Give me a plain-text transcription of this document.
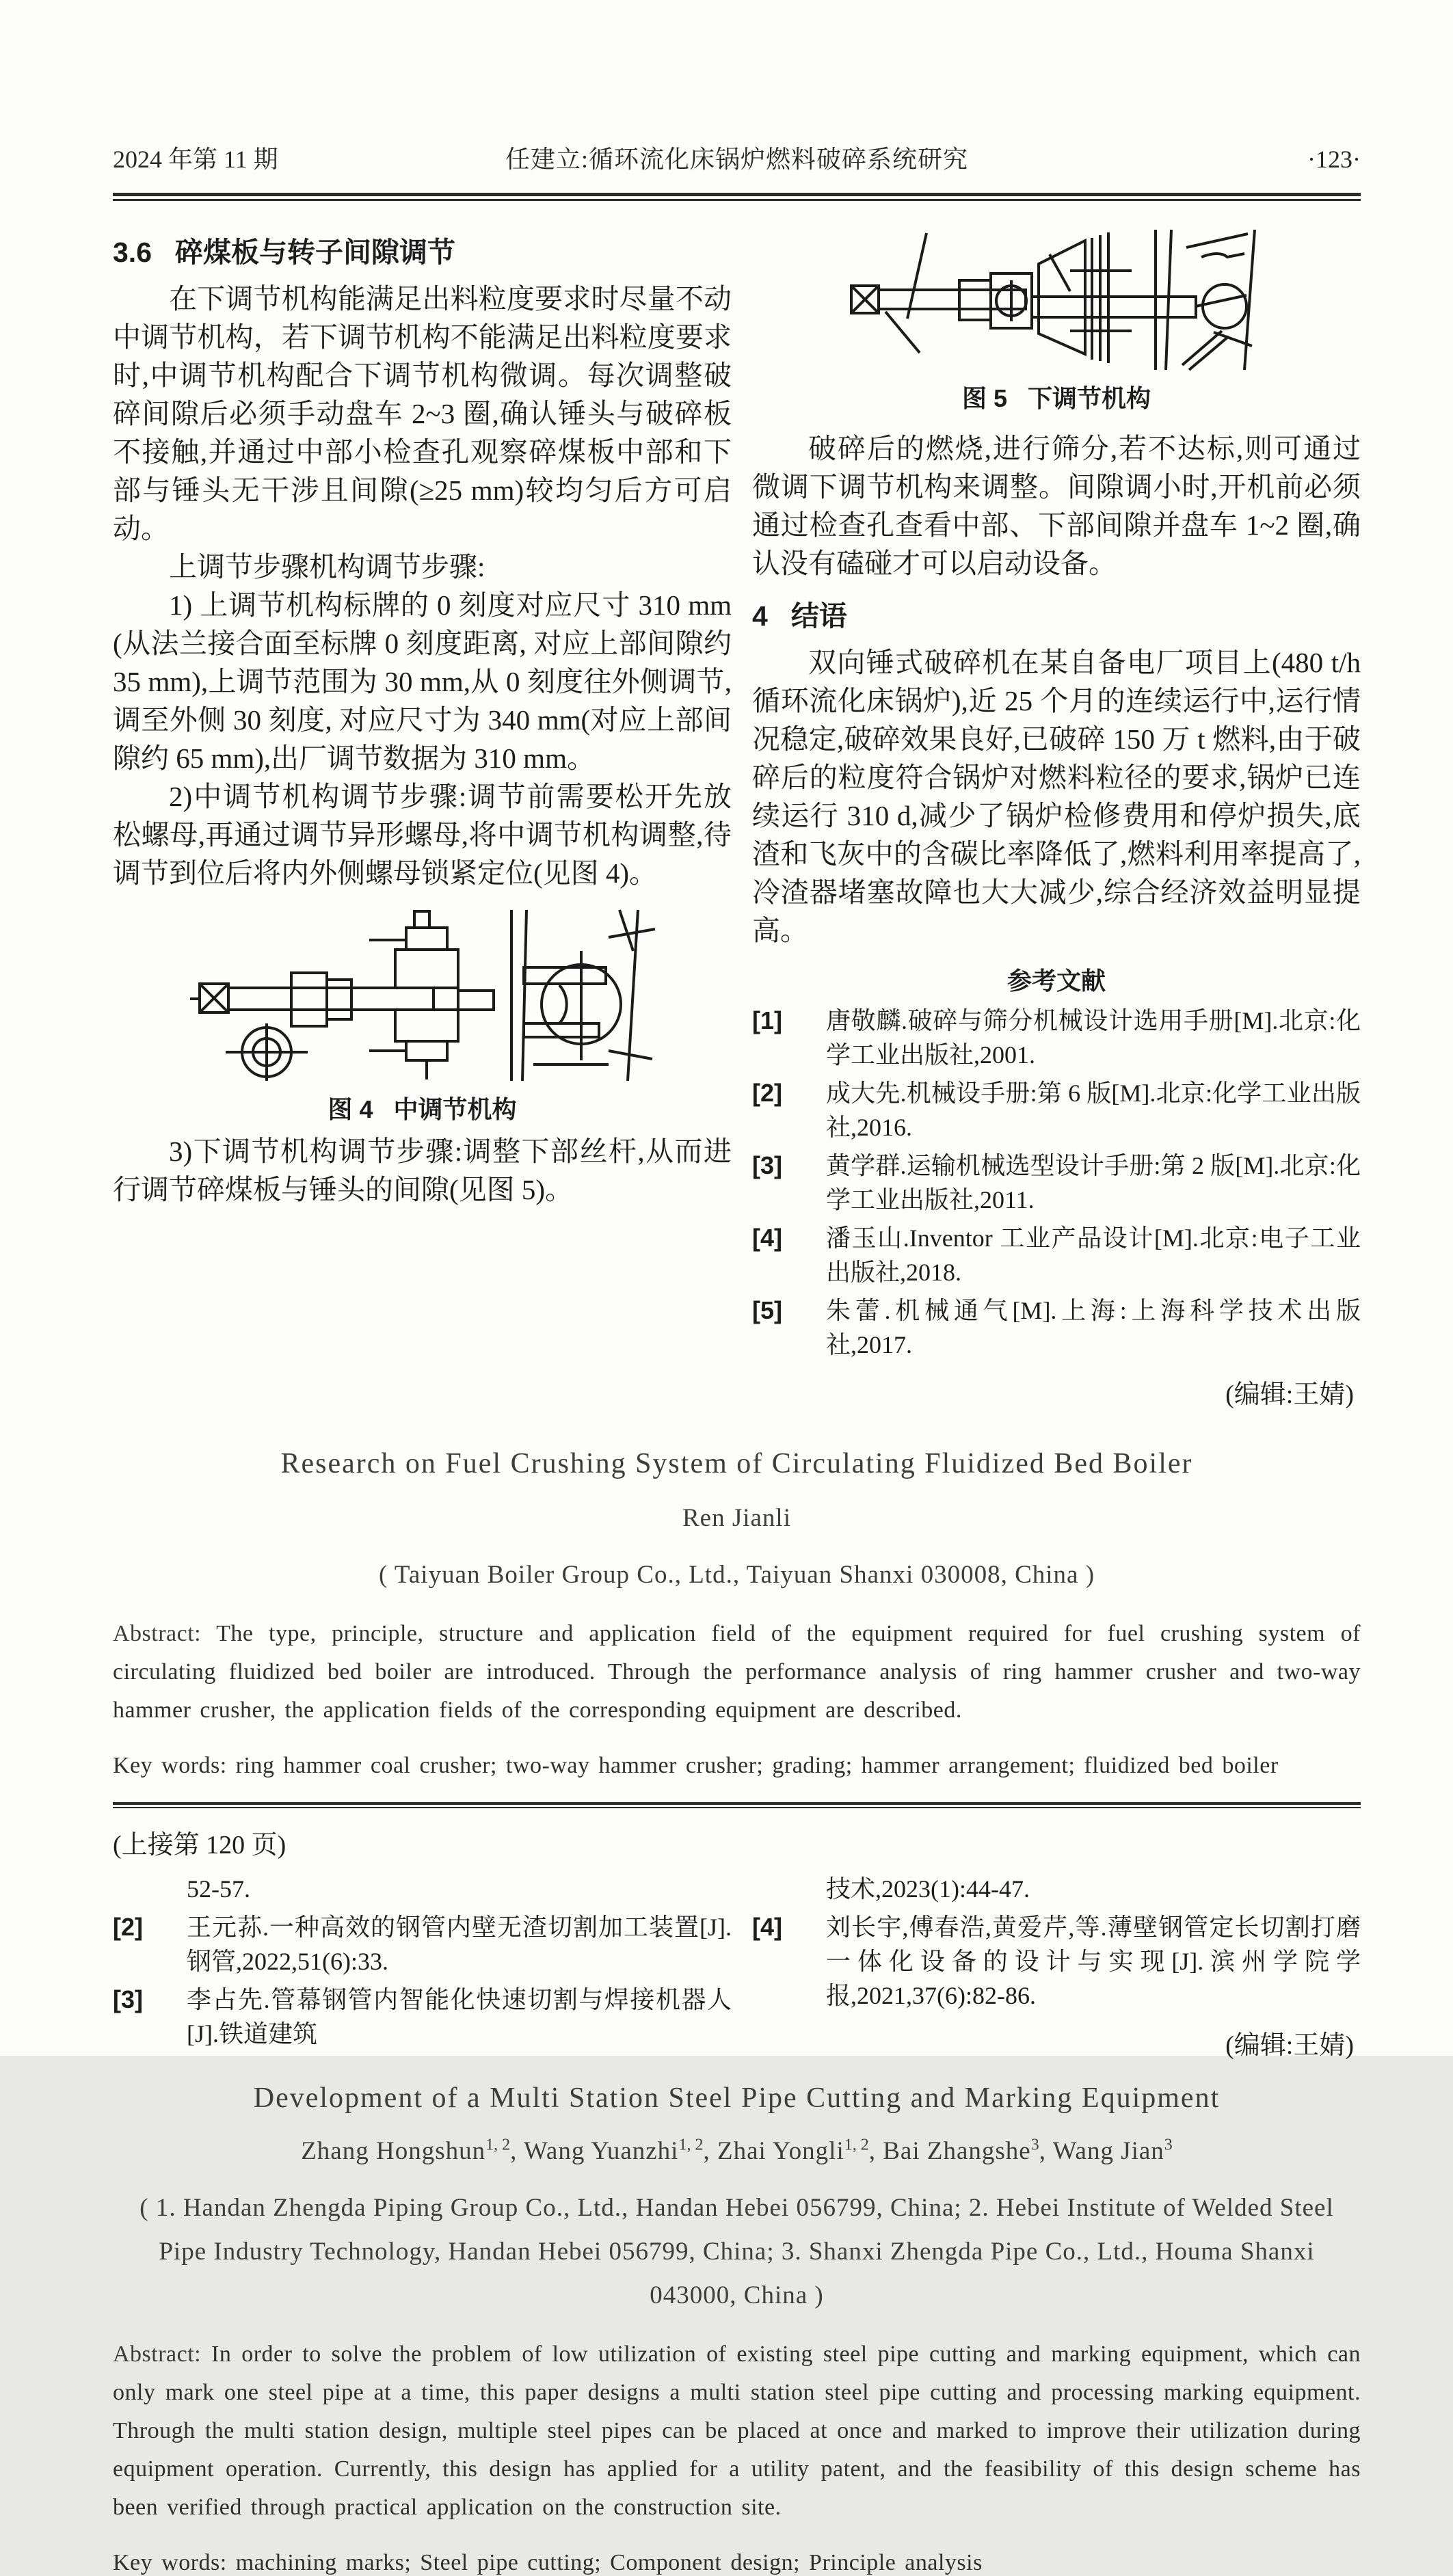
2024 年第 11 期	任建立:循环流化床锅炉燃料破碎系统研究	·123·

3.6 碎煤板与转子间隙调节

在下调节机构能满足出料粒度要求时尽量不动中调节机构，若下调节机构不能满足出料粒度要求时,中调节机构配合下调节机构微调。每次调整破碎间隙后必须手动盘车 2~3 圈,确认锤头与破碎板不接触,并通过中部小检查孔观察碎煤板中部和下部与锤头无干涉且间隙(≥25 mm)较均匀后方可启动。

上调节步骤机构调节步骤:

1) 上调节机构标牌的 0 刻度对应尺寸 310 mm (从法兰接合面至标牌 0 刻度距离, 对应上部间隙约 35 mm),上调节范围为 30 mm,从 0 刻度往外侧调节, 调至外侧 30 刻度, 对应尺寸为 340 mm(对应上部间隙约 65 mm),出厂调节数据为 310 mm。

2)中调节机构调节步骤:调节前需要松开先放松螺母,再通过调节异形螺母,将中调节机构调整,待调节到位后将内外侧螺母锁紧定位(见图 4)。

图 4 中调节机构

3)下调节机构调节步骤:调整下部丝杆,从而进行调节碎煤板与锤头的间隙(见图 5)。

图 5 下调节机构

破碎后的燃烧,进行筛分,若不达标,则可通过微调下调节机构来调整。间隙调小时,开机前必须通过检查孔查看中部、下部间隙并盘车 1~2 圈,确认没有磕碰才可以启动设备。

4 结语

双向锤式破碎机在某自备电厂项目上(480 t/h 循环流化床锅炉),近 25 个月的连续运行中,运行情况稳定,破碎效果良好,已破碎 150 万 t 燃料,由于破碎后的粒度符合锅炉对燃料粒径的要求,锅炉已连续运行 310 d,减少了锅炉检修费用和停炉损失,底渣和飞灰中的含碳比率降低了,燃料利用率提高了,冷渣器堵塞故障也大大减少,综合经济效益明显提高。

参考文献
[1] 唐敬麟.破碎与筛分机械设计选用手册[M].北京:化学工业出版社,2001.
[2] 成大先.机械设手册:第 6 版[M].北京:化学工业出版社,2016.
[3] 黄学群.运输机械选型设计手册:第 2 版[M].北京:化学工业出版社,2011.
[4] 潘玉山.Inventor 工业产品设计[M].北京:电子工业出版社,2018.
[5] 朱蕾.机械通气[M].上海:上海科学技术出版社,2017.
(编辑:王婧)
Research on Fuel Crushing System of Circulating Fluidized Bed Boiler
Ren Jianli
( Taiyuan Boiler Group Co., Ltd., Taiyuan Shanxi 030008, China )

Abstract: The type, principle, structure and application field of the equipment required for fuel crushing system of circulating fluidized bed boiler are introduced. Through the performance analysis of ring hammer crusher and two-way hammer crusher, the application fields of the corresponding equipment are described.

Key words: ring hammer coal crusher; two-way hammer crusher; grading; hammer arrangement; fluidized bed boiler

(上接第 120 页)
52-57.
[2] 王元荪.一种高效的钢管内壁无渣切割加工装置[J].钢管,2022,51(6):33.
[3] 李占先.管幕钢管内智能化快速切割与焊接机器人[J].铁道建筑
技术,2023(1):44-47.
[4] 刘长宇,傅春浩,黄爱芹,等.薄壁钢管定长切割打磨一体化设备的设计与实现[J].滨州学院学报,2021,37(6):82-86.
(编辑:王婧)
Development of a Multi Station Steel Pipe Cutting and Marking Equipment
Zhang Hongshun$^{1, 2}$, Wang Yuanzhi$^{1, 2}$, Zhai Yongli$^{1, 2}$, Bai Zhangshe$^3$, Wang Jian$^3$
( 1. Handan Zhengda Piping Group Co., Ltd., Handan Hebei 056799, China; 2. Hebei Institute of Welded Steel Pipe Industry Technology, Handan Hebei 056799, China; 3. Shanxi Zhengda Pipe Co., Ltd., Houma Shanxi 043000, China )

Abstract: In order to solve the problem of low utilization of existing steel pipe cutting and marking equipment, which can only mark one steel pipe at a time, this paper designs a multi station steel pipe cutting and processing marking equipment. Through the multi station design, multiple steel pipes can be placed at once and marked to improve their utilization during equipment operation. Currently, this design has applied for a utility patent, and the feasibility of this design scheme has been verified through practical application on the construction site.

Key words: machining marks; Steel pipe cutting; Component design; Principle analysis
